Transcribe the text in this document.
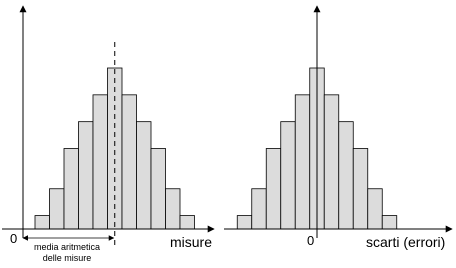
0	misure
media aritmetica
delle misure
0	scarti (errori)
